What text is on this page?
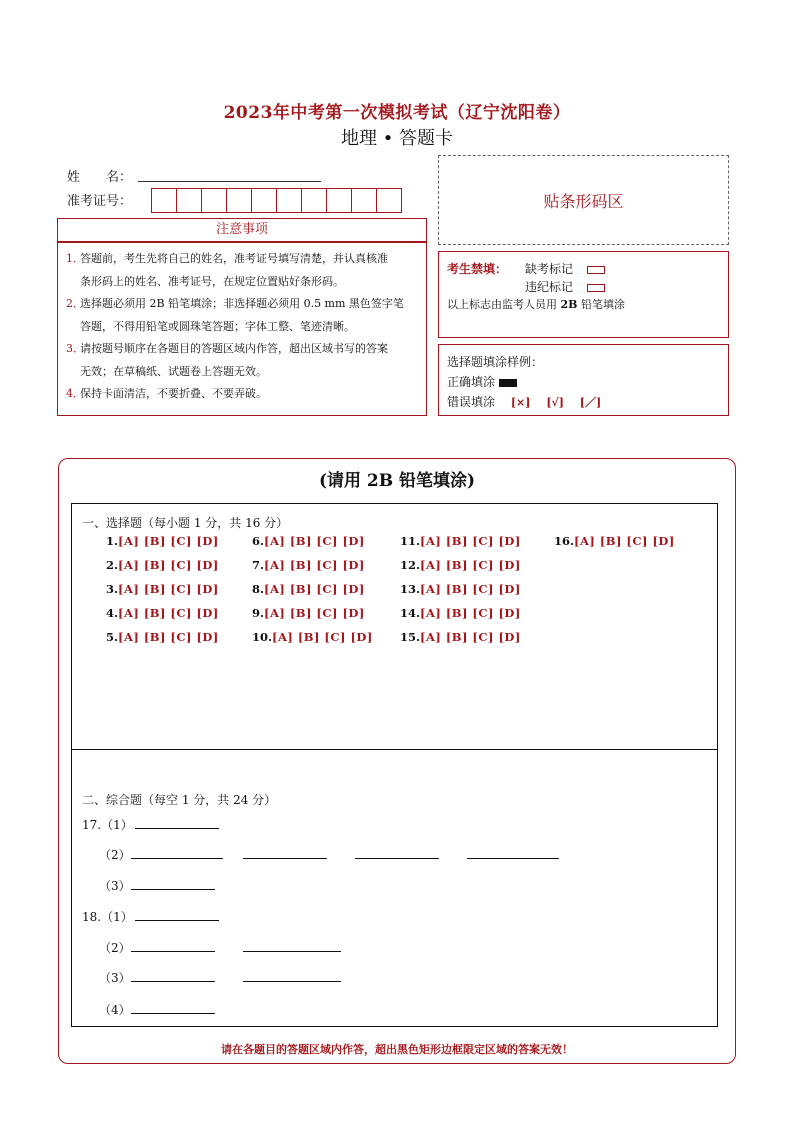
2023年中考第一次模拟考试（辽宁沈阳卷）
地理 • 答题卡
姓　　名：
准考证号：	贴条形码区
注意事项
1．
答题前，考生先将自己的姓名，准考证号填写清楚，并认真核准
条形码上的姓名、准考证号，在规定位置贴好条形码。
2．
选择题必须用 2B 铅笔填涂；非选择题必须用 0.5 mm 黑色签字笔
答题，不得用铅笔或圆珠笔答题；字体工整、笔迹清晰。
3．
请按题号顺序在各题目的答题区域内作答，超出区域书写的答案
无效；在草稿纸、试题卷上答题无效。
4．
保持卡面清洁，不要折叠、不要弄破。
考生禁填： 缺考标记
违纪标记
以上标志由监考人员用 2B 铅笔填涂
选择题填涂样例：
正确填涂
错误填涂 [×] [√] [／]
(请用 2B 铅笔填涂)
一、选择题（每小题 1 分，共 16 分）
1.[A] [B] [C] [D]
2.[A] [B] [C] [D]
3.[A] [B] [C] [D]
4.[A] [B] [C] [D]
5.[A] [B] [C] [D]
6.[A] [B] [C] [D]
7.[A] [B] [C] [D]
8.[A] [B] [C] [D]
9.[A] [B] [C] [D]
10.[A] [B] [C] [D]
11.[A] [B] [C] [D]
12.[A] [B] [C] [D]
13.[A] [B] [C] [D]
14.[A] [B] [C] [D]
15.[A] [B] [C] [D]
16.[A] [B] [C] [D]
二、综合题（每空 1 分，共 24 分）
17.（1）
（2）
（3）
18.（1）
（2）
（3）
（4）
请在各题目的答题区域内作答，超出黑色矩形边框限定区域的答案无效！
